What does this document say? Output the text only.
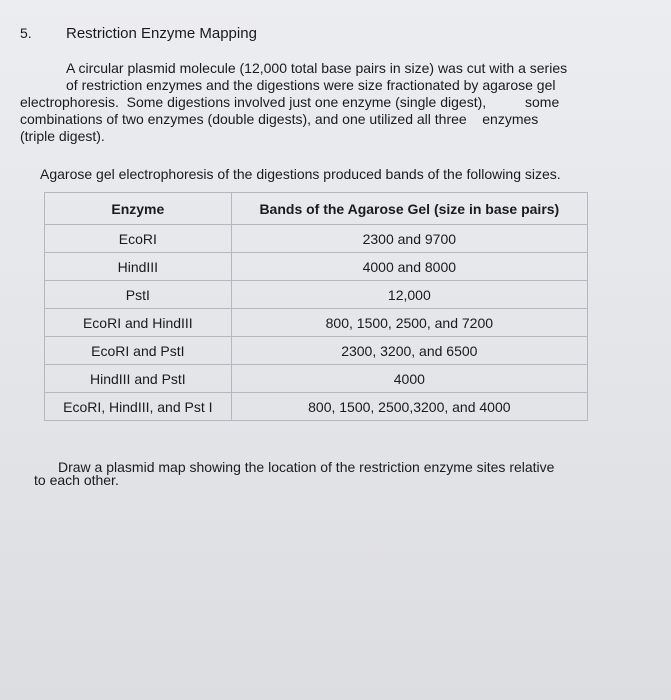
5. Restriction Enzyme Mapping
A circular plasmid molecule (12,000 total base pairs in size) was cut with a series
of restriction enzymes and the digestions were size fractionated by agarose gel
electrophoresis.  Some digestions involved just one enzyme (single digest),          some
combinations of two enzymes (double digests), and one utilized all three    enzymes
(triple digest).
Agarose gel electrophoresis of the digestions produced bands of the following sizes.
Enzyme	Bands of the Agarose Gel (size in base pairs)
EcoRI	2300 and 9700
HindIII	4000 and 8000
PstI	12,000
EcoRI and HindIII	800, 1500, 2500, and 7200
EcoRI and PstI	2300, 3200, and 6500
HindIII and PstI	4000
EcoRI, HindIII, and Pst I	800, 1500, 2500,3200, and 4000
Draw a plasmid map showing the location of the restriction enzyme sites relative
to each other.
